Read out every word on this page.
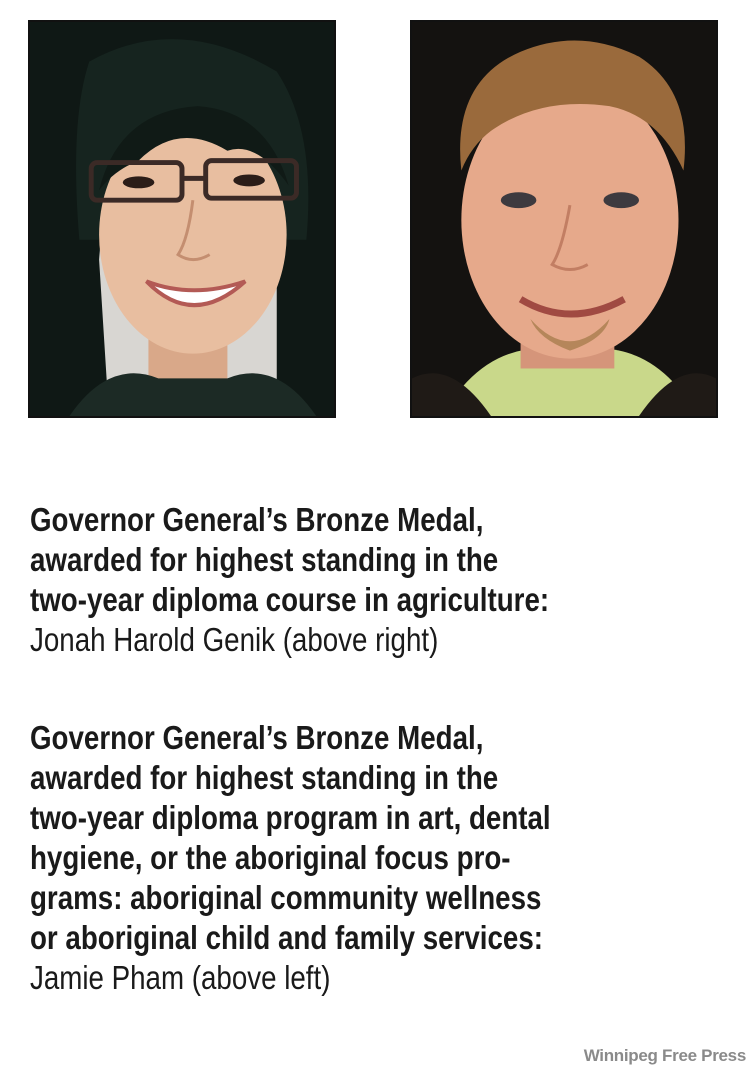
Governor General’s Bronze Medal,
awarded for highest standing in the
two-year diploma course in agriculture:
Jonah Harold Genik (above right)
Governor General’s Bronze Medal,
awarded for highest standing in the
two-year diploma program in art, dental
hygiene, or the aboriginal focus pro-
grams: aboriginal community wellness
or aboriginal child and family services:
Jamie Pham (above left)
Winnipeg Free Press
